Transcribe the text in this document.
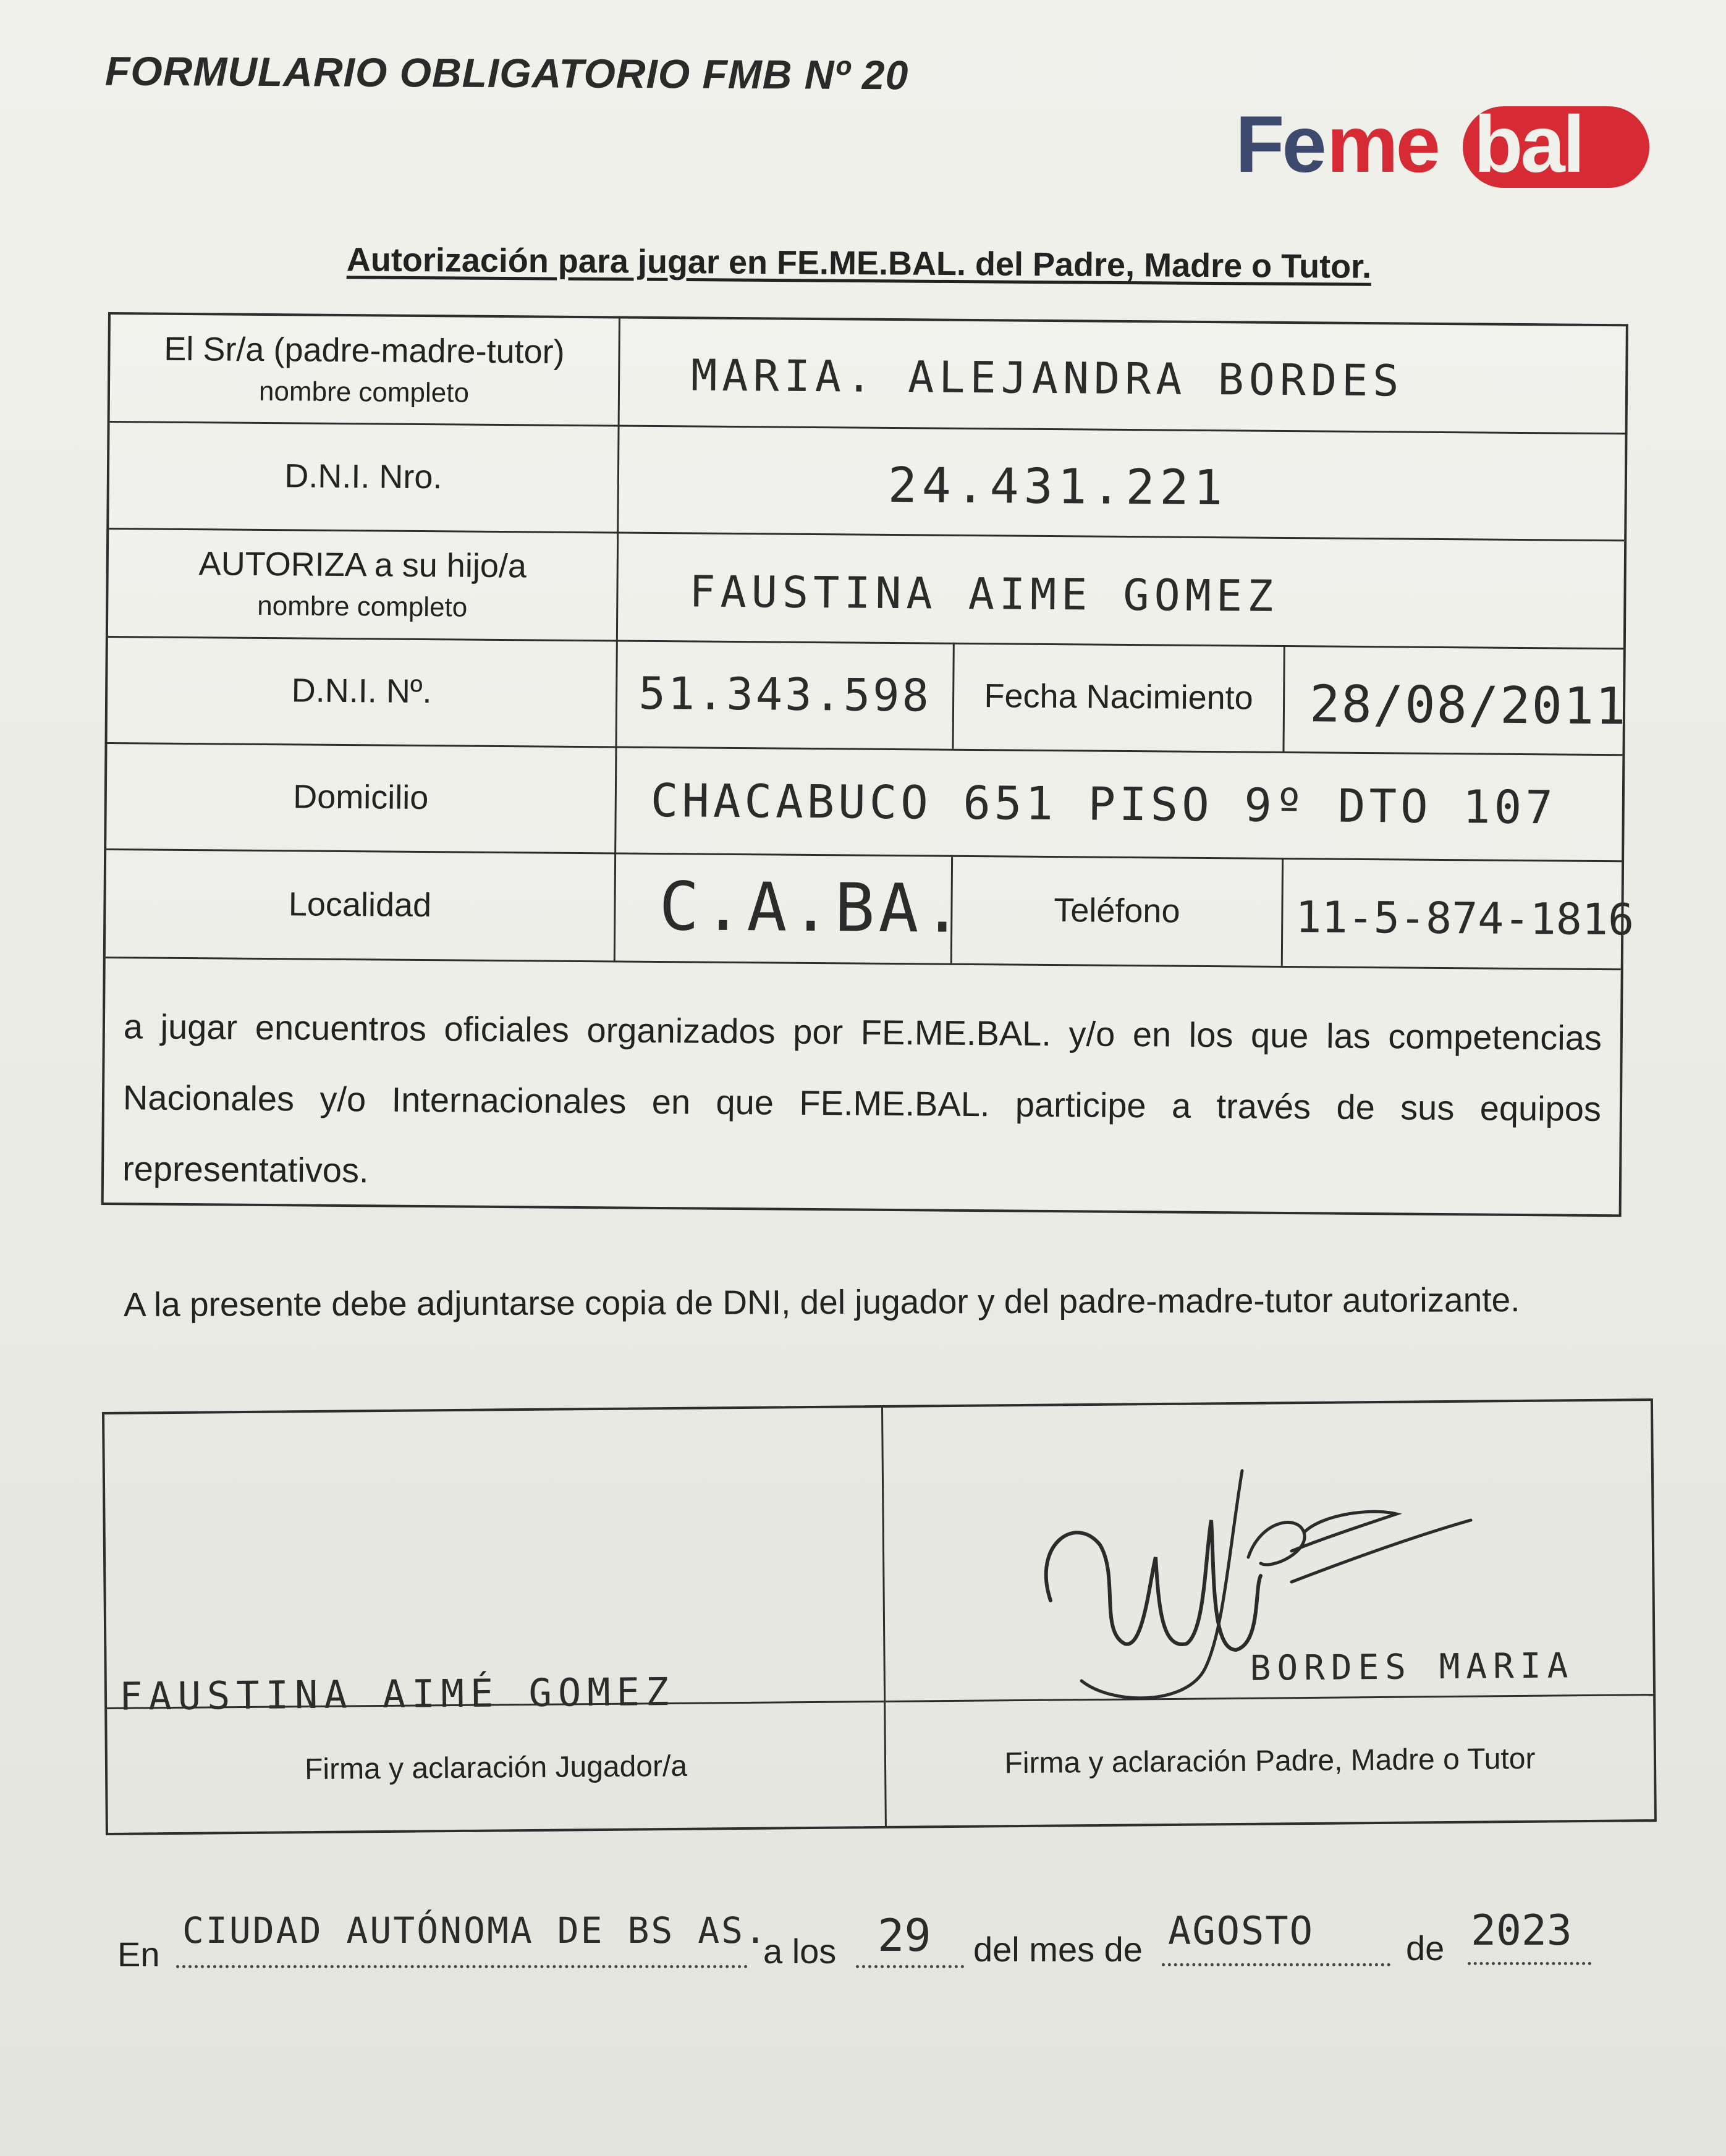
FORMULARIO OBLIGATORIO FMB Nº 20
Fe me bal
Autorización para jugar en FE.ME.BAL. del Padre, Madre o Tutor.
El Sr/a (padre-madre-tutor)
nombre completo	MARIA. ALEJANDRA BORDES
D.N.I. Nro.	24.431.221
AUTORIZA a su hijo/a
nombre completo	FAUSTINA AIME GOMEZ
D.N.I. Nº.	51.343.598	Fecha Nacimiento	28/08/2011
Domicilio	CHACABUCO 651 PISO 9º DTO 107
Localidad	C.A.BA.	Teléfono	11-5-874-1816
a jugar encuentros oficiales organizados por FE.ME.BAL. y/o en los que las competencias Nacionales y/o Internacionales en que FE.ME.BAL. participe a través de sus equipos representativos.
A la presente debe adjuntarse copia de DNI, del jugador y del padre-madre-tutor autorizante.
FAUSTINA AIMÉ GOMEZ
Firma y aclaración Jugador/a
BORDES MARIA
Firma y aclaración Padre, Madre o Tutor
En
CIUDAD AUTÓNOMA DE BS AS.
a los 29 del mes de AGOSTO	de 2023
